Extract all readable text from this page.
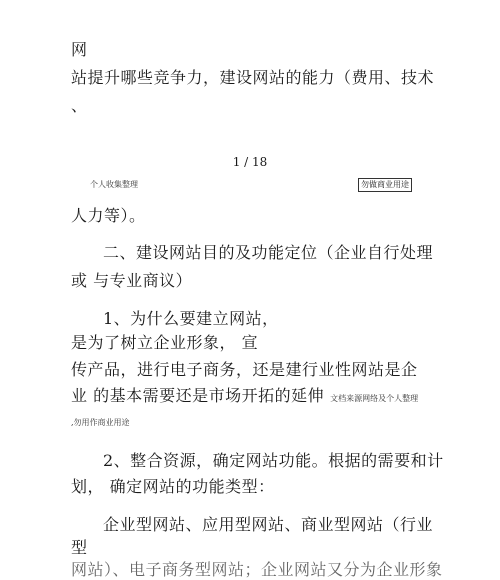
网
站提升哪些竞争力，建设网站的能力（费用、技术
、
1 / 18
个人收集整理	勿做商业用途
人力等）。
二、建设网站目的及功能定位（企业自行处理
或 与专业商议）
1、为什么要建立网站，
是为了树立企业形象， 宣
传产品，进行电子商务，还是建行业性网站是企
业 的基本需要还是市场开拓的延伸 文档来源网络及个人整理
,勿用作商业用途
2、整合资源，确定网站功能。根据的需要和计
划， 确定网站的功能类型：
企业型网站、应用型网站、商业型网站（行业
型
网站）、电子商务型网站；企业网站又分为企业形象
